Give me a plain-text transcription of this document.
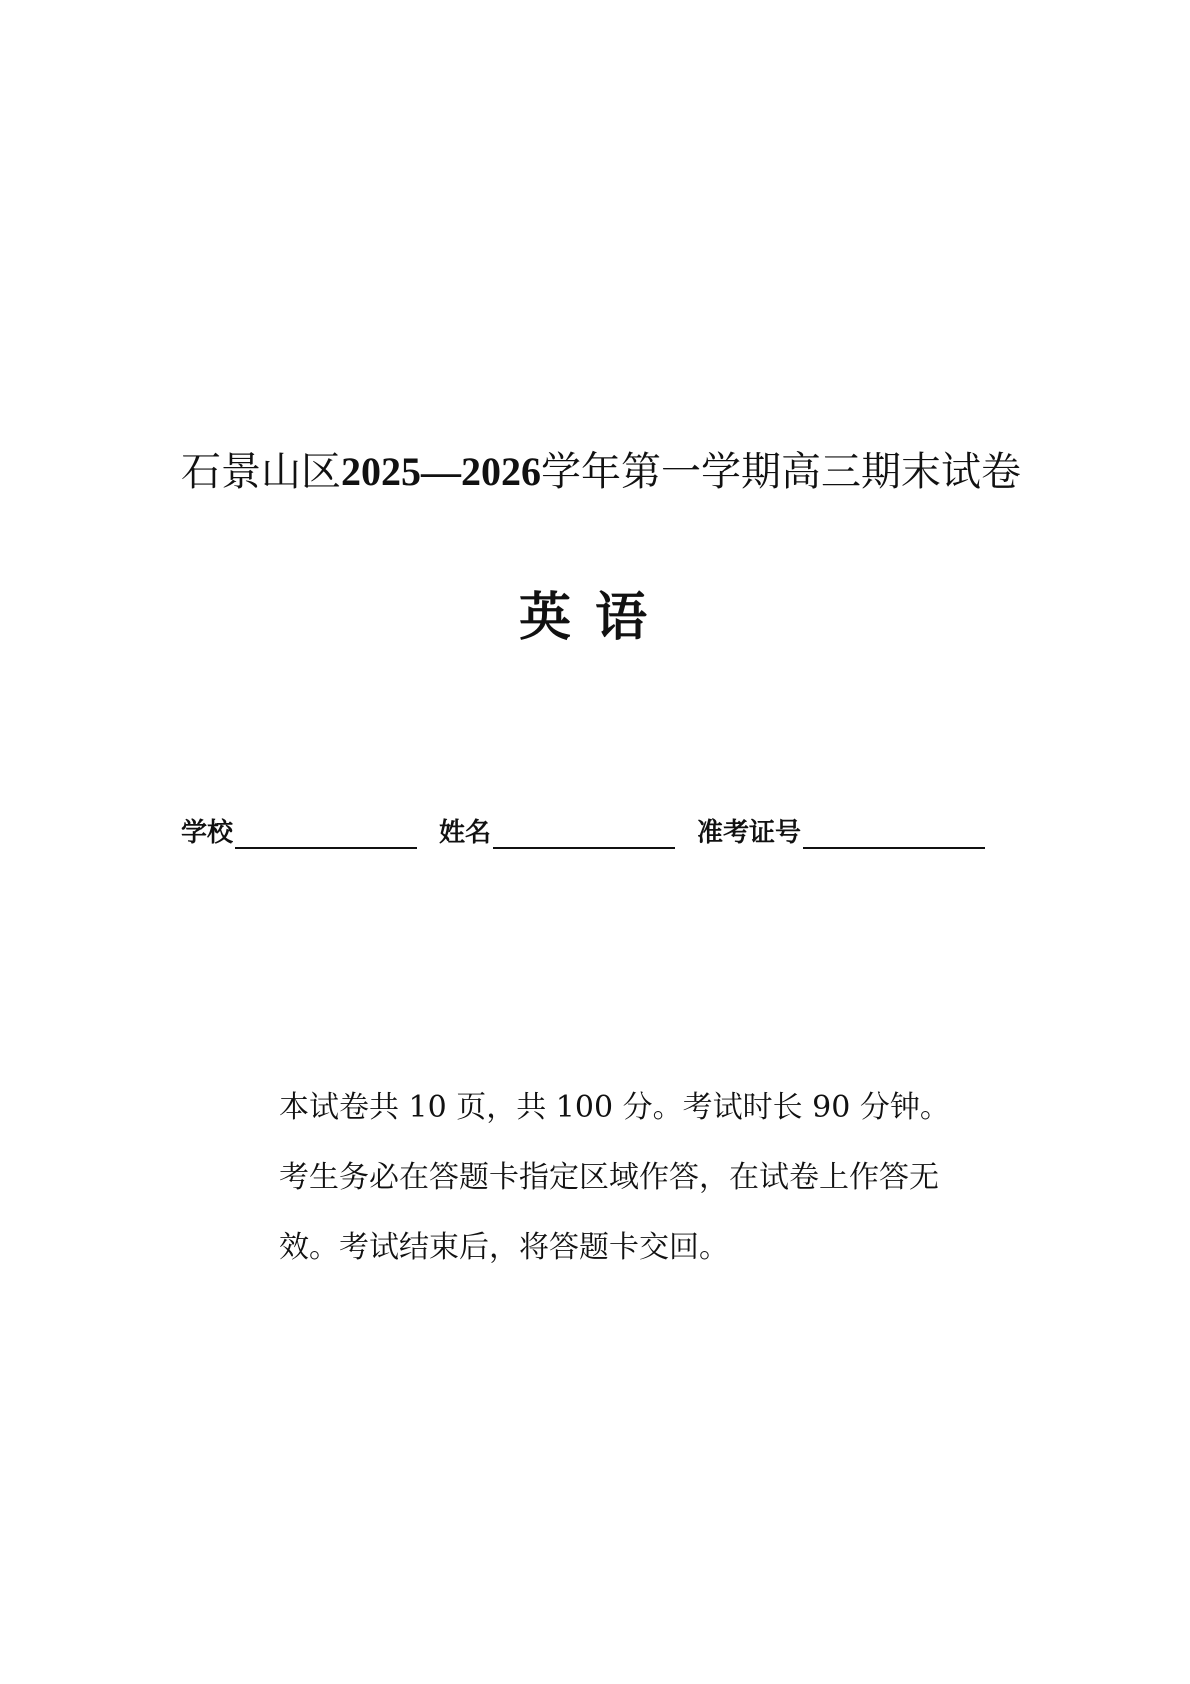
石景山区2025—2026学年第一学期高三期末试卷
英语
学校	姓名	准考证号
本试卷共 10 页，共 100 分。考试时长 90 分钟。
考生务必在答题卡指定区域作答，在试卷上作答无
效。考试结束后，将答题卡交回。
